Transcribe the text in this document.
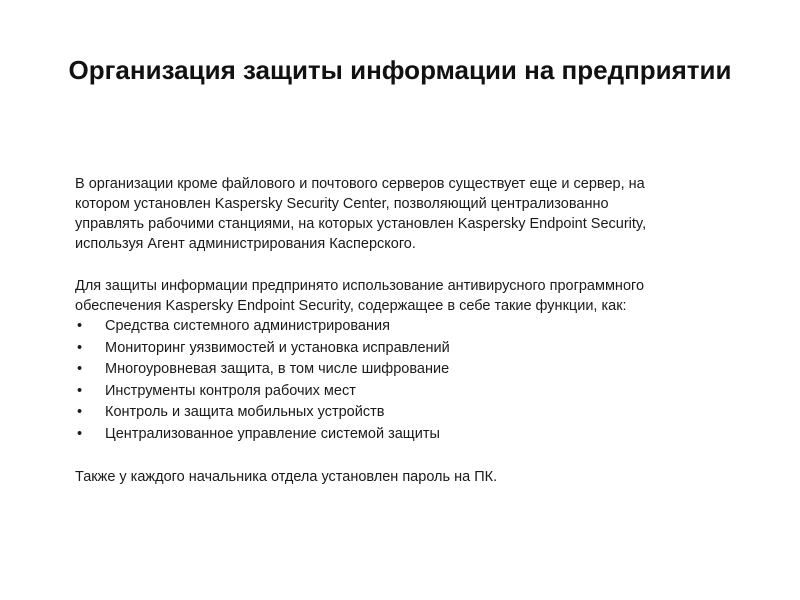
Организация защиты информации на предприятии

В организации кроме файлового и почтового серверов существует еще и сервер, на котором установлен Kaspersky Security Center, позволяющий централизованно управлять рабочими станциями, на которых установлен Kaspersky Endpoint Security, используя Агент администрирования Касперского.

Для защиты информации предпринято использование антивирусного программного обеспечения Kaspersky Endpoint Security, содержащее в себе такие функции, как:

• Средства системного администрирования
• Мониторинг уязвимостей и установка исправлений
• Многоуровневая защита, в том числе шифрование
• Инструменты контроля рабочих мест
• Контроль и защита мобильных устройств
• Централизованное управление системой защиты

Также у каждого начальника отдела установлен пароль на ПК.
